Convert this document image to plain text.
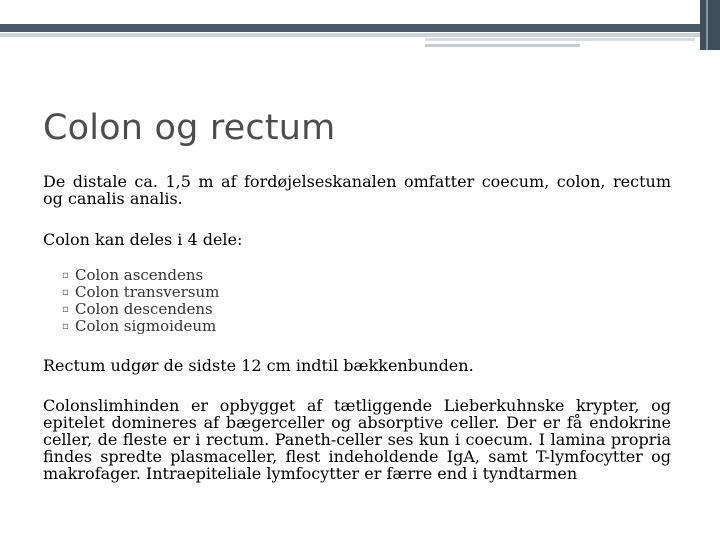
Colon og rectum

De distale ca. 1,5 m af fordøjelseskanalen omfatter coecum, colon, rectum og canalis analis.

Colon kan deles i 4 dele:

▫ Colon ascendens
▫ Colon transversum
▫ Colon descendens
▫ Colon sigmoideum

Rectum udgør de sidste 12 cm indtil bækkenbunden.

Colonslimhinden er opbygget af tætliggende Lieberkuhnske krypter, og epitelet domineres af bægerceller og absorptive celler. Der er få endokrine celler, de fleste er i rectum. Paneth-celler ses kun i coecum. I lamina propria findes spredte plasmaceller, flest indeholdende IgA, samt T-lymfocytter og makrofager. Intraepiteliale lymfocytter er færre end i tyndtarmen
